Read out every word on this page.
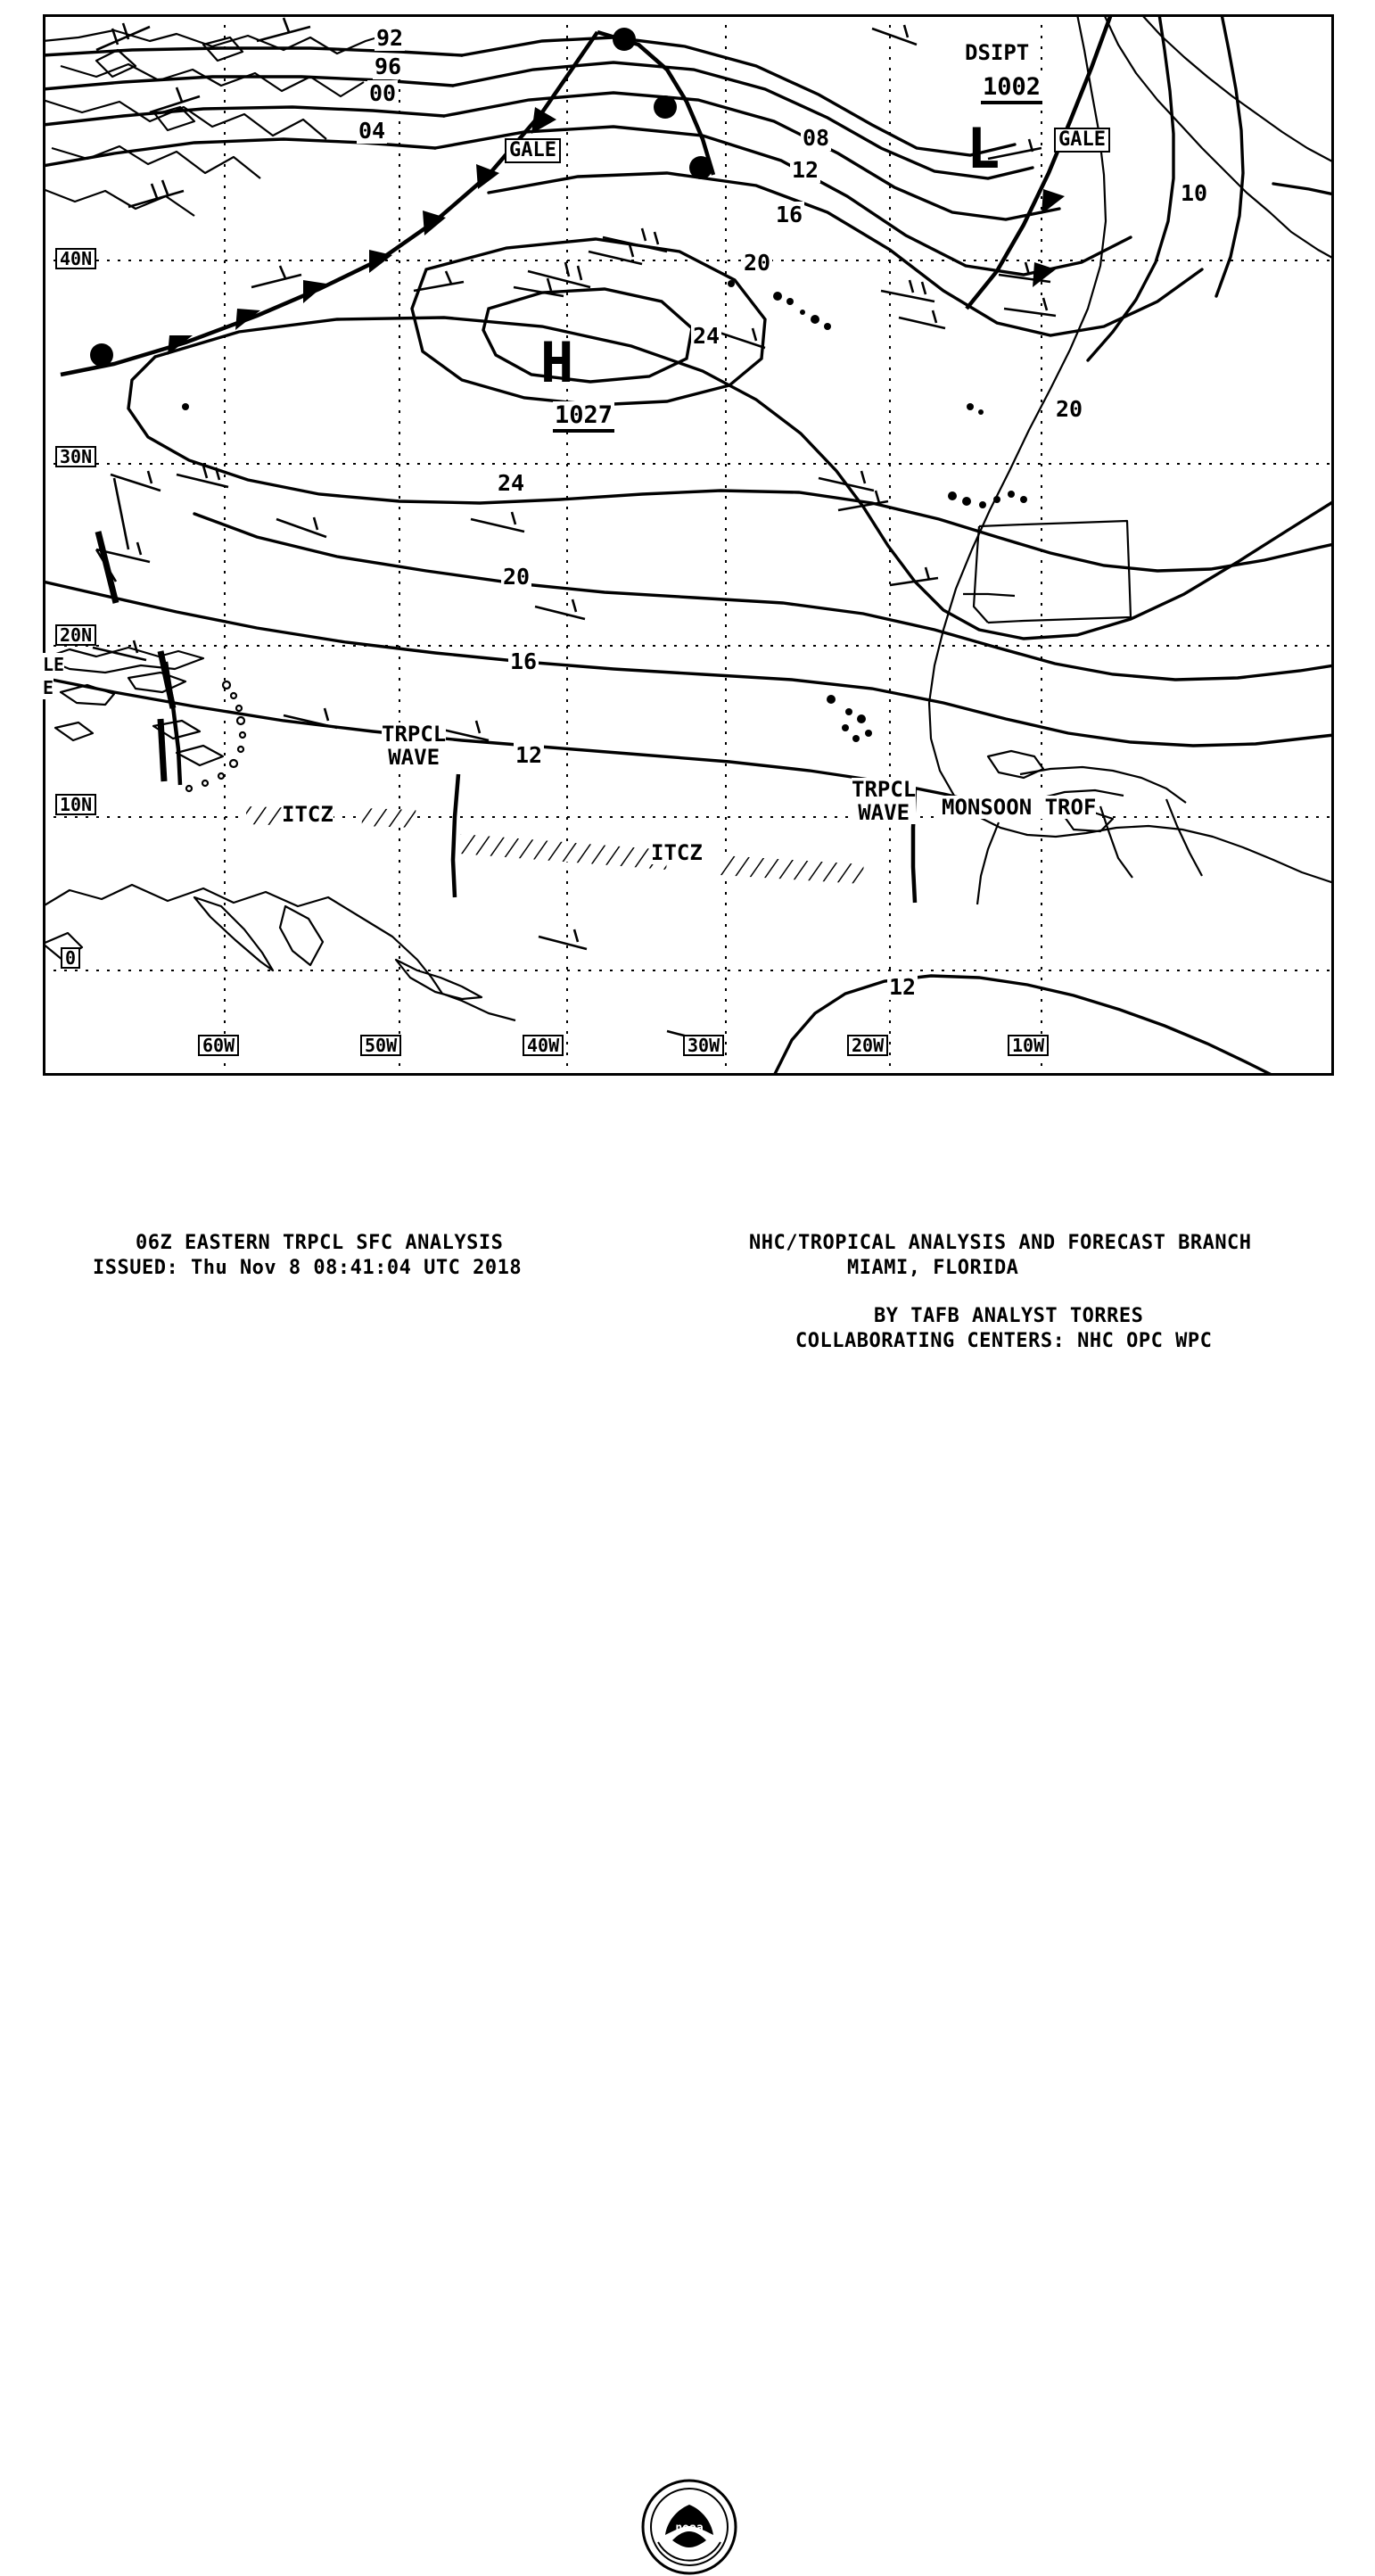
40N
30N
20N
10N
0
60W	50W	40W	30W	20W	10W
92
96
00
04	08
12
16
20
24
24
20
16
12
20
12
10
H
1027
L
1002
DSIPT
GALE	GALE
TRPCL
WAVE
TRPCL
WAVE
ITCZ
ITCZ
MONSOON TROF
LE
E
06Z EASTERN TRPCL SFC ANALYSIS
ISSUED: Thu Nov 8 08:41:04 UTC 2018
noaa
NHC/TROPICAL ANALYSIS AND FORECAST BRANCH
MIAMI, FLORIDA
BY TAFB ANALYST TORRES
COLLABORATING CENTERS: NHC OPC WPC
